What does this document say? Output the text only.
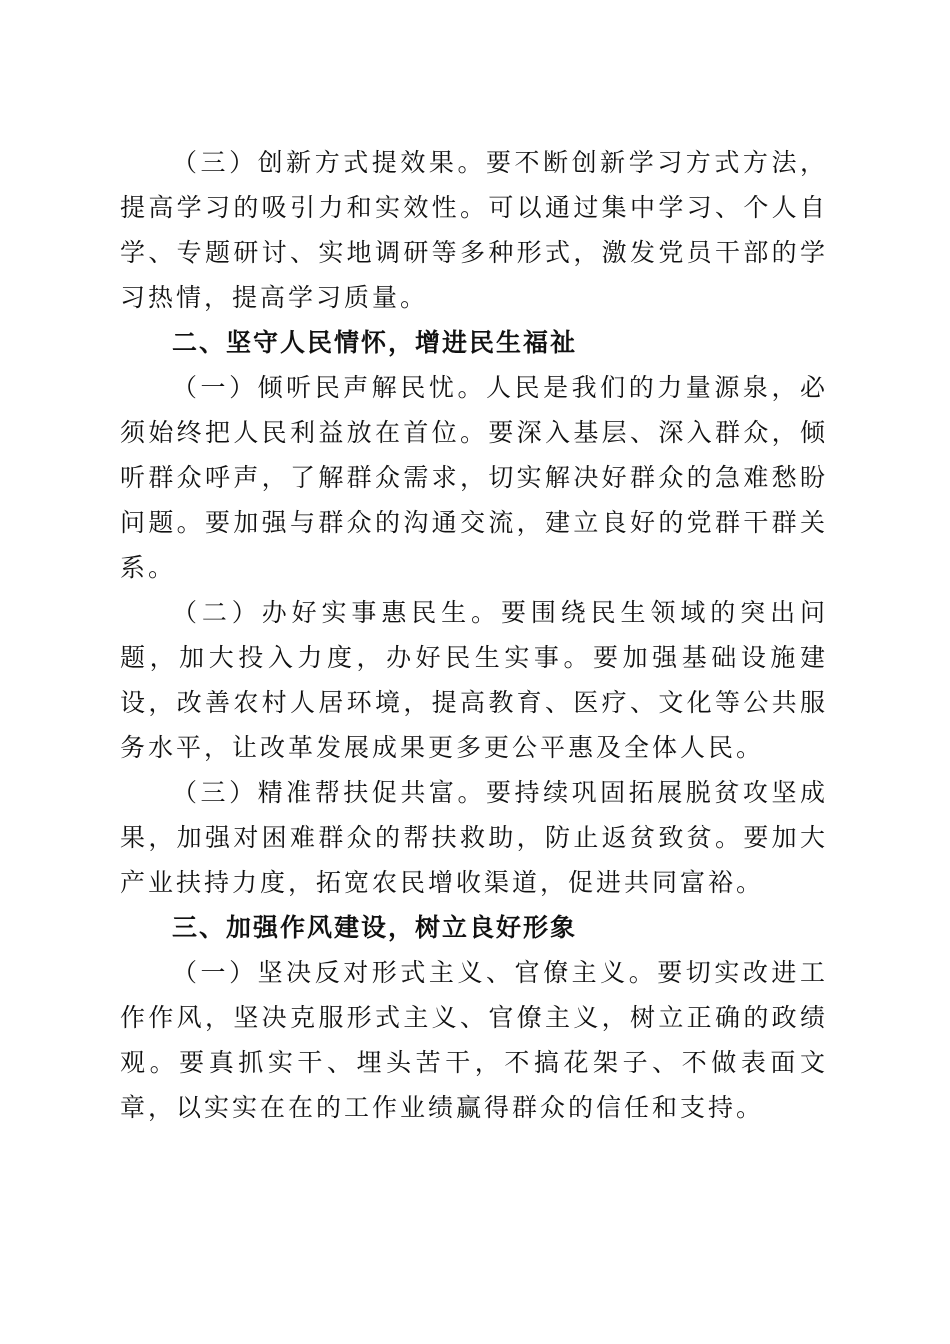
（三）创新方式提效果。要不断创新学习方式方法，提高学习的吸引力和实效性。可以通过集中学习、个人自学、专题研讨、实地调研等多种形式，激发党员干部的学习热情，提高学习质量。

二、坚守人民情怀，增进民生福祉

（一）倾听民声解民忧。人民是我们的力量源泉，必须始终把人民利益放在首位。要深入基层、深入群众，倾听群众呼声，了解群众需求，切实解决好群众的急难愁盼问题。要加强与群众的沟通交流，建立良好的党群干群关系。

（二）办好实事惠民生。要围绕民生领域的突出问题，加大投入力度，办好民生实事。要加强基础设施建设，改善农村人居环境，提高教育、医疗、文化等公共服务水平，让改革发展成果更多更公平惠及全体人民。

（三）精准帮扶促共富。要持续巩固拓展脱贫攻坚成果，加强对困难群众的帮扶救助，防止返贫致贫。要加大产业扶持力度，拓宽农民增收渠道，促进共同富裕。

三、加强作风建设，树立良好形象

（一）坚决反对形式主义、官僚主义。要切实改进工作作风，坚决克服形式主义、官僚主义，树立正确的政绩观。要真抓实干、埋头苦干，不搞花架子、不做表面文章，以实实在在的工作业绩赢得群众的信任和支持。
